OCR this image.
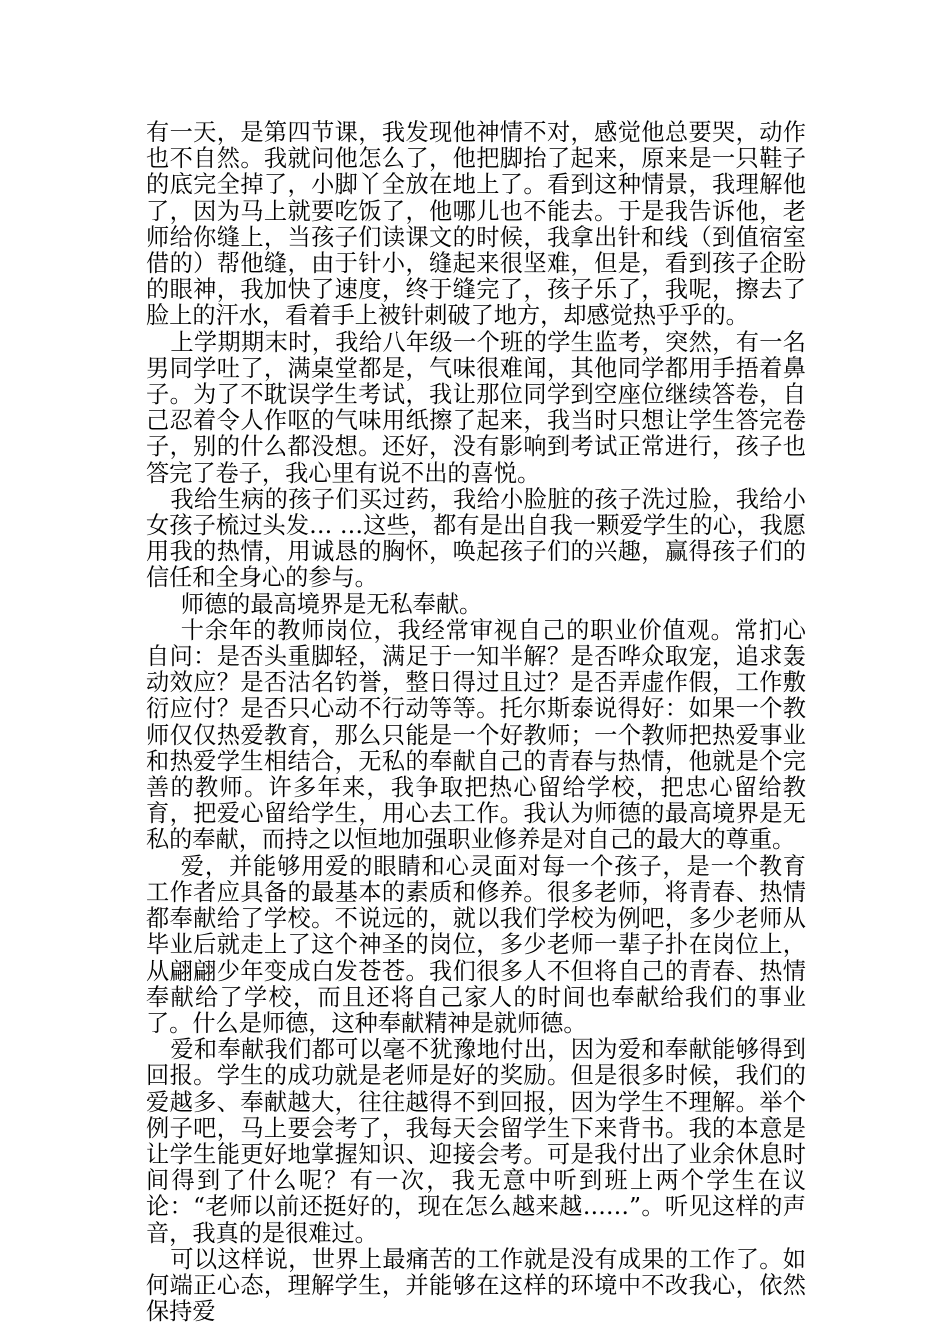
有一天，是第四节课，我发现他神情不对，感觉他总要哭，动作也不自然。我就问他怎么了，他把脚抬了起来，原来是一只鞋子的底完全掉了，小脚丫全放在地上了。看到这种情景，我理解他了，因为马上就要吃饭了，他哪儿也不能去。于是我告诉他，老师给你缝上，当孩子们读课文的时候，我拿出针和线（到值宿室借的）帮他缝，由于针小，缝起来很坚难，但是，看到孩子企盼的眼神，我加快了速度，终于缝完了，孩子乐了，我呢，擦去了脸上的汗水，看着手上被针刺破了地方，却感觉热乎乎的。

上学期期末时，我给八年级一个班的学生监考，突然，有一名男同学吐了，满桌堂都是，气味很难闻，其他同学都用手捂着鼻子。为了不耽误学生考试，我让那位同学到空座位继续答卷，自己忍着令人作呕的气味用纸擦了起来，我当时只想让学生答完卷子，别的什么都没想。还好，没有影响到考试正常进行，孩子也答完了卷子，我心里有说不出的喜悦。

我给生病的孩子们买过药，我给小脸脏的孩子洗过脸，我给小女孩子梳过头发… …这些，都有是出自我一颗爱学生的心，我愿用我的热情，用诚恳的胸怀，唤起孩子们的兴趣，赢得孩子们的信任和全身心的参与。

师德的最高境界是无私奉献。

十余年的教师岗位，我经常审视自己的职业价值观。常扪心自问：是否头重脚轻，满足于一知半解？是否哗众取宠，追求轰动效应？是否沽名钓誉，整日得过且过？是否弄虚作假，工作敷衍应付？是否只心动不行动等等。托尔斯泰说得好：如果一个教师仅仅热爱教育，那么只能是一个好教师；一个教师把热爱事业和热爱学生相结合，无私的奉献自己的青春与热情，他就是个完善的教师。许多年来，我争取把热心留给学校，把忠心留给教育，把爱心留给学生，用心去工作。我认为师德的最高境界是无私的奉献，而持之以恒地加强职业修养是对自己的最大的尊重。

爱，并能够用爱的眼睛和心灵面对每一个孩子，是一个教育工作者应具备的最基本的素质和修养。很多老师，将青春、热情都奉献给了学校。不说远的，就以我们学校为例吧，多少老师从毕业后就走上了这个神圣的岗位，多少老师一辈子扑在岗位上，从翩翩少年变成白发苍苍。我们很多人不但将自己的青春、热情奉献给了学校，而且还将自己家人的时间也奉献给我们的事业了。什么是师德，这种奉献精神是就师德。

爱和奉献我们都可以毫不犹豫地付出，因为爱和奉献能够得到回报。学生的成功就是老师是好的奖励。但是很多时候，我们的爱越多、奉献越大，往往越得不到回报，因为学生不理解。举个例子吧，马上要会考了，我每天会留学生下来背书。我的本意是让学生能更好地掌握知识、迎接会考。可是我付出了业余休息时间得到了什么呢？有一次，我无意中听到班上两个学生在议论：“老师以前还挺好的，现在怎么越来越……”。听见这样的声音，我真的是很难过。

可以这样说，世界上最痛苦的工作就是没有成果的工作了。如何端正心态，理解学生，并能够在这样的环境中不改我心，依然保持爱
